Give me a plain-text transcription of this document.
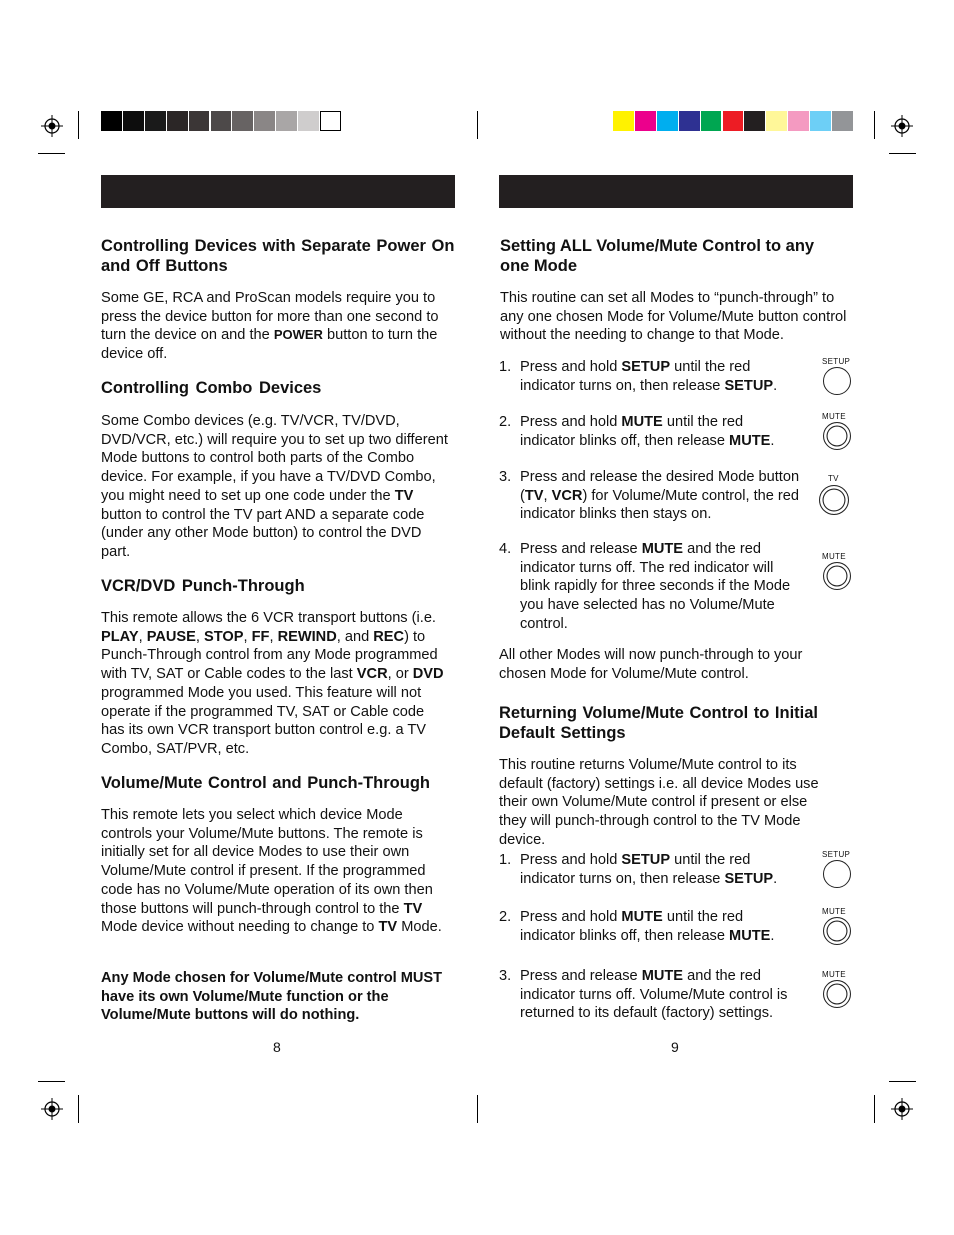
Controlling Devices with Separate Power On and Off Buttons

Some GE, RCA and ProScan models require you to press the device button for more than one second to turn the device on and the POWER button to turn the device off.

Controlling Combo Devices

Some Combo devices (e.g. TV/VCR, TV/DVD, DVD/VCR, etc.) will require you to set up two different Mode buttons to control both parts of the Combo device. For example, if you have a TV/DVD Combo, you might need to set up one code under the TV button to control the TV part AND a separate code (under any other Mode button) to control the DVD part.

VCR/DVD Punch-Through

This remote allows the 6 VCR transport buttons (i.e. PLAY, PAUSE, STOP, FF, REWIND, and REC) to Punch-Through control from any Mode programmed with TV, SAT or Cable codes to the last VCR, or DVD programmed Mode you used. This feature will not operate if the programmed TV, SAT or Cable code has its own VCR transport button control e.g. a TV Combo, SAT/PVR, etc.

Volume/Mute Control and Punch-Through

This remote lets you select which device Mode controls your Volume/Mute buttons. The remote is initially set for all device Modes to use their own Volume/Mute control if present. If the programmed code has no Volume/Mute operation of its own then those buttons will punch-through control to the TV Mode device without needing to change to TV Mode.

Any Mode chosen for Volume/Mute control MUST have its own Volume/Mute function or the Volume/Mute buttons will do nothing.

8
Setting ALL Volume/Mute Control to any one Mode

This routine can set all Modes to “punch-through” to any one chosen Mode for Volume/Mute button control without the needing to change to that Mode.

1. Press and hold SETUP until the red indicator turns on, then release SETUP.
SETUP
2. Press and hold MUTE until the red indicator blinks off, then release MUTE.
MUTE
3. Press and release the desired Mode button (TV, VCR) for Volume/Mute control, the red indicator blinks then stays on.
TV
4. Press and release MUTE and the red indicator turns off. The red indicator will blink rapidly for three seconds if the Mode you have selected has no Volume/Mute control.
MUTE

All other Modes will now punch-through to your chosen Mode for Volume/Mute control.

Returning Volume/Mute Control to Initial Default Settings

This routine returns Volume/Mute control to its default (factory) settings i.e. all device Modes use their own Volume/Mute control if present or else they will punch-through control to the TV Mode device.

1. Press and hold SETUP until the red indicator turns on, then release SETUP.
SETUP
2. Press and hold MUTE until the red indicator blinks off, then release MUTE.
MUTE
3. Press and release MUTE and the red indicator turns off. Volume/Mute control is returned to its default (factory) settings.
MUTE
9
